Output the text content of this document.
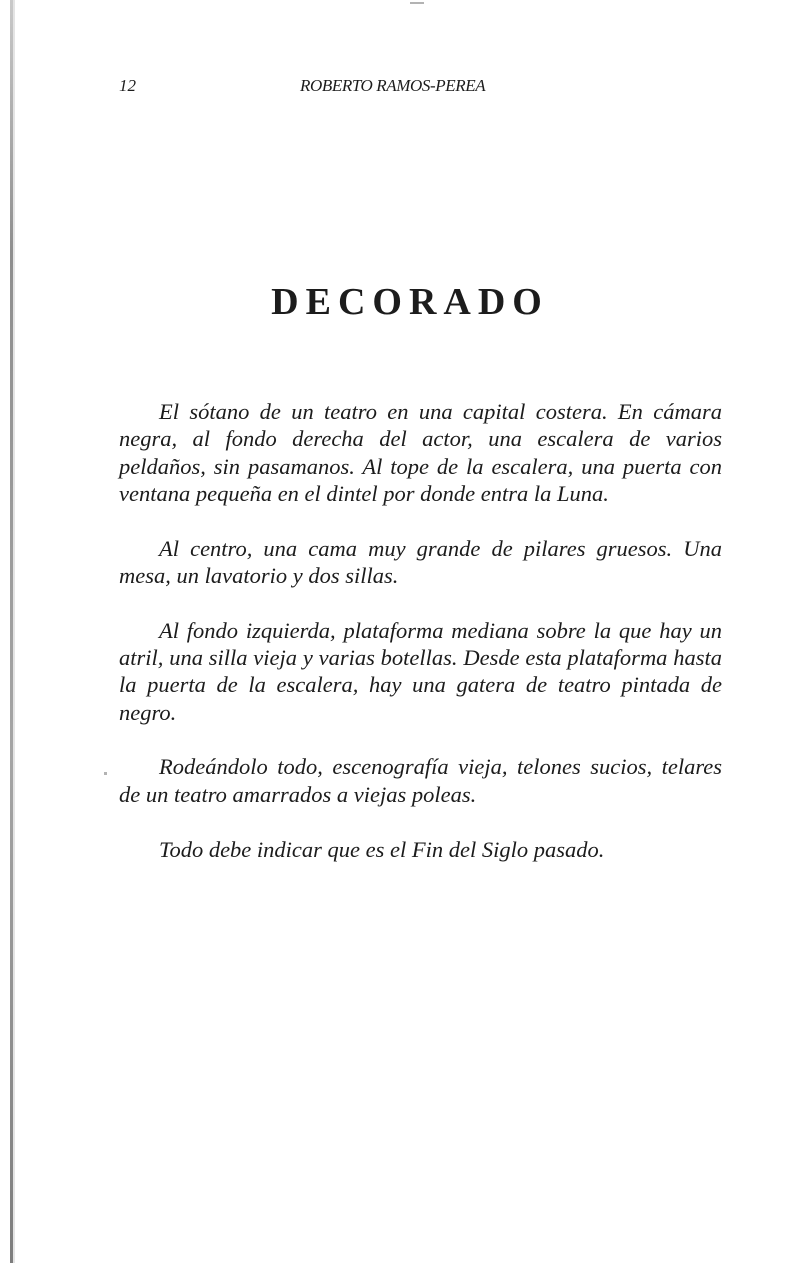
12	ROBERTO RAMOS-PEREA
DECORADO

El sótano de un teatro en una capital costera. En cámara negra, al fondo derecha del actor, una escalera de varios peldaños, sin pasamanos. Al tope de la escalera, una puerta con ventana pequeña en el dintel por donde entra la Luna.

Al centro, una cama muy grande de pilares gruesos. Una mesa, un lavatorio y dos sillas.

Al fondo izquierda, plataforma mediana sobre la que hay un atril, una silla vieja y varias botellas. Desde esta plataforma hasta la puerta de la escalera, hay una gatera de teatro pintada de negro.

Rodeándolo todo, escenografía vieja, telones sucios, telares de un teatro amarrados a viejas poleas.

Todo debe indicar que es el Fin del Siglo pasado.
